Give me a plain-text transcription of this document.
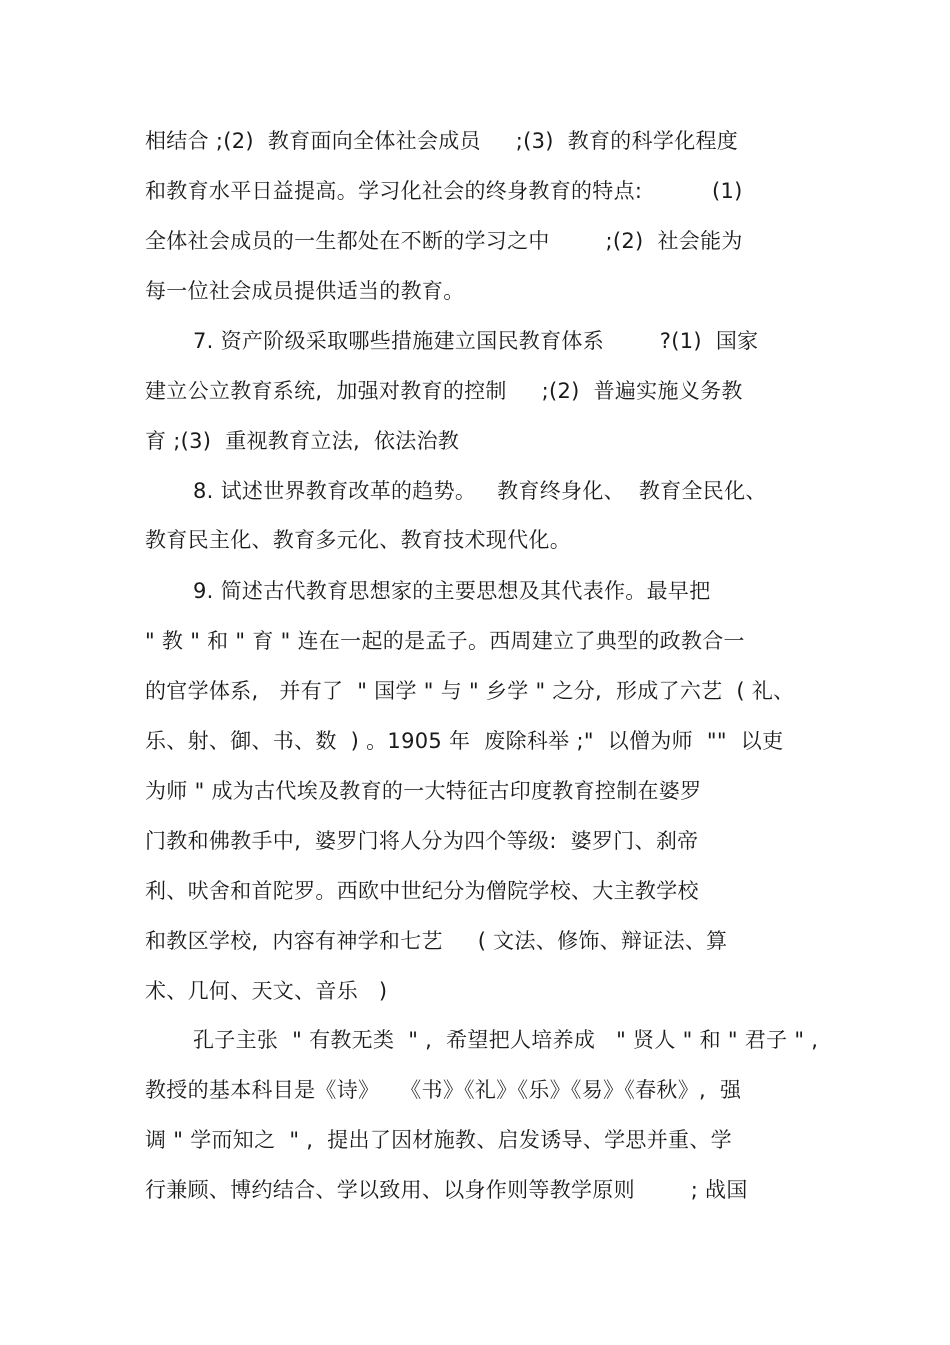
相结合 ;(2)  教育面向全体社会成员     ;(3)  教育的科学化程度
和教育水平日益提高。学习化社会的终身教育的特点:          (1)
全体社会成员的一生都处在不断的学习之中        ;(2)  社会能为
每一位社会成员提供适当的教育。
7. 资产阶级采取哪些措施建立国民教育体系        ?(1)  国家
建立公立教育系统,  加强对教育的控制     ;(2)  普遍实施义务教
育 ;(3)  重视教育立法,  依法治教
8. 试述世界教育改革的趋势。   教育终身化、  教育全民化、
教育民主化、教育多元化、教育技术现代化。
9. 简述古代教育思想家的主要思想及其代表作。最早把
" 教 " 和 " 育 " 连在一起的是孟子。西周建立了典型的政教合一
的官学体系,   并有了  " 国学 " 与 " 乡学 " 之分,  形成了六艺  ( 礼、
乐、射、御、书、数  ) 。1905 年  废除科举 ;"  以僧为师  ""  以吏
为师 " 成为古代埃及教育的一大特征古印度教育控制在婆罗
门教和佛教手中,  婆罗门将人分为四个等级:  婆罗门、刹帝
利、吠舍和首陀罗。西欧中世纪分为僧院学校、大主教学校
和教区学校,  内容有神学和七艺     ( 文法、修饰、辩证法、算
术、几何、天文、音乐   )
孔子主张  " 有教无类  " ,  希望把人培养成   " 贤人 " 和 " 君子 " ,
教授的基本科目是《诗》   《书》《礼》《乐》《易》《春秋》,  强
调 " 学而知之  " ,  提出了因材施教、启发诱导、学思并重、学
行兼顾、博约结合、学以致用、以身作则等教学原则        ; 战国
